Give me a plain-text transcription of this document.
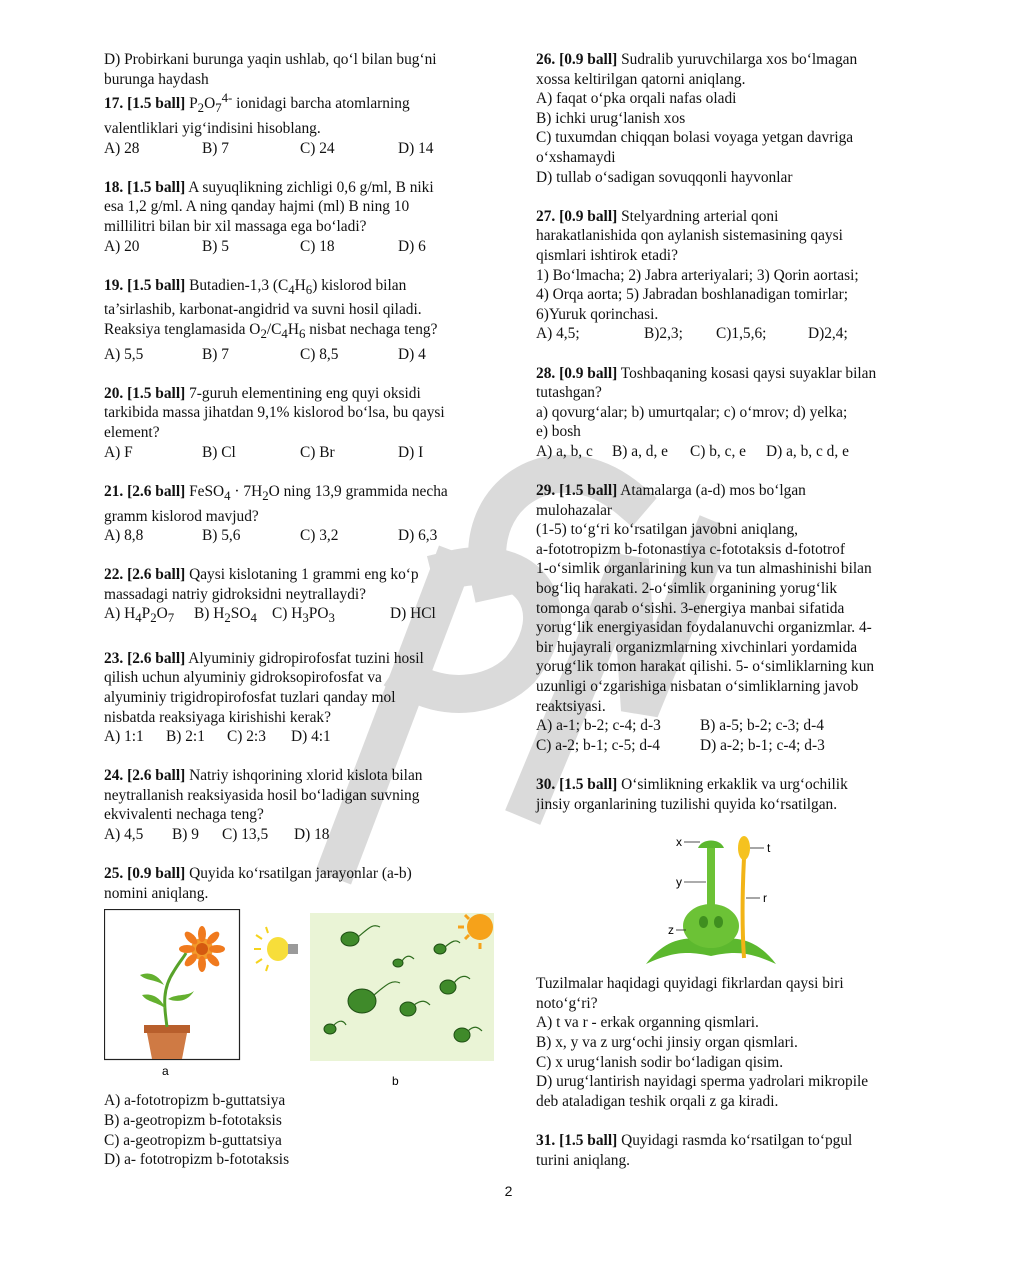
D) Probirkani burunga yaqin ushlab, qo‘l bilan bug‘ni

burunga haydash

17. [1.5 ball] $P_2O_7^{4-}$ ionidagi barcha atomlarning

valentliklari yig‘indisini hisoblang.

A) 28	B) 7	C) 24	D) 14

18. [1.5 ball] A suyuqlikning zichligi 0,6 g/ml, B niki

esa 1,2 g/ml. A ning qanday hajmi (ml) B ning 10

millilitri bilan bir xil massaga ega bo‘ladi?

A) 20	B) 5	C) 18	D) 6

19. [1.5 ball] Butadien-1,3 $(C_4H_6)$ kislorod bilan

ta’sirlashib, karbonat-angidrid va suvni hosil qiladi.

Reaksiya tenglamasida $O_2/C_4H_6$ nisbat nechaga teng?

A) 5,5	B) 7	C) 8,5	D) 4

20. [1.5 ball] 7-guruh elementining eng quyi oksidi

tarkibida massa jihatdan 9,1% kislorod bo‘lsa, bu qaysi

element?

A) F	B) Cl	C) Br	D) I

21. [2.6 ball] FeSO$_4$ · $7H_2O$ ning 13,9 grammida necha

gramm kislorod mavjud?

A) 8,8	B) 5,6	C) 3,2	D) 6,3

22. [2.6 ball] Qaysi kislotaning 1 grammi eng ko‘p

massadagi natriy gidroksidni neytrallaydi?

A) $H_4P_2O_7$	B) $H_2SO_4$ C) $H_3PO_3$	D) HCl

23. [2.6 ball] Alyuminiy gidropirofosfat tuzini hosil

qilish uchun alyuminiy gidroksopirofosfat va

alyuminiy trigidropirofosfat tuzlari qanday mol

nisbatda reaksiyaga kirishishi kerak?

A) 1:1	B) 2:1	C) 2:3	D) 4:1

24. [2.6 ball] Natriy ishqorining xlorid kislota bilan

neytrallanish reaksiyasida hosil bo‘ladigan suvning

ekvivalenti nechaga teng?

A) 4,5	B) 9	C) 13,5	D) 18

25. [0.9 ball] Quyida ko‘rsatilgan jarayonlar (a-b)

nomini aniqlang.

a
b

A) a-fototropizm b-guttatsiya

B) a-geotropizm b-fototaksis

C) a-geotropizm b-guttatsiya

D) a- fototropizm b-fototaksis

26. [0.9 ball] Sudralib yuruvchilarga xos bo‘lmagan

xossa keltirilgan qatorni aniqlang.

A) faqat o‘pka orqali nafas oladi

B) ichki urug‘lanish xos

C) tuxumdan chiqqan bolasi voyaga yetgan davriga

o‘xshamaydi

D) tullab o‘sadigan sovuqqonli hayvonlar

27. [0.9 ball] Stelyardning arterial qoni

harakatlanishida qon aylanish sistemasining qaysi

qismlari ishtirok etadi?

1) Bo‘lmacha; 2) Jabra arteriyalari; 3) Qorin aortasi;

4) Orqa aorta; 5) Jabradan boshlanadigan tomirlar;

6)Yuruk qorinchasi.

A) 4,5;	B)2,3;	C)1,5,6;	D)2,4;

28. [0.9 ball] Toshbaqaning kosasi qaysi suyaklar bilan

tutashgan?

a) qovurg‘alar; b) umurtqalar; c) o‘mrov; d) yelka;

e) bosh

A) a, b, c	B) a, d, e	C) b, c, e	D) a, b, c d, e

29. [1.5 ball] Atamalarga (a-d) mos bo‘lgan

mulohazalar

(1-5) to‘g‘ri ko‘rsatilgan javobni aniqlang,

a-fototropizm b-fotonastiya c-fototaksis d-fototrof

1-o‘simlik organlarining kun va tun almashinishi bilan

bog‘liq harakati. 2-o‘simlik organining yorug‘lik

tomonga qarab o‘sishi. 3-energiya manbai sifatida

yorug‘lik energiyasidan foydalanuvchi organizmlar. 4-

bir hujayrali organizmlarning xivchinlari yordamida

yorug‘lik tomon harakat qilishi. 5- o‘simliklarning kun

uzunligi o‘zgarishiga nisbatan o‘simliklarning javob

reaktsiyasi.

A) a-1; b-2; c-4; d-3	B) a-5; b-2; c-3; d-4
C) a-2; b-1; c-5; d-4	D) a-2; b-1; c-4; d-3

30. [1.5 ball] O‘simlikning erkaklik va urg‘ochilik

jinsiy organlarining tuzilishi quyida ko‘rsatilgan.

x	t
y
r
z

Tuzilmalar haqidagi quyidagi fikrlardan qaysi biri

noto‘g‘ri?

A) t va r - erkak organning qismlari.

B) x, y va z urg‘ochi jinsiy organ qismlari.

C) x urug‘lanish sodir bo‘ladigan qisim.

D) urug‘lantirish nayidagi sperma yadrolari mikropile

deb ataladigan teshik orqali z ga kiradi.

31. [1.5 ball] Quyidagi rasmda ko‘rsatilgan to‘pgul

turini aniqlang.

2
